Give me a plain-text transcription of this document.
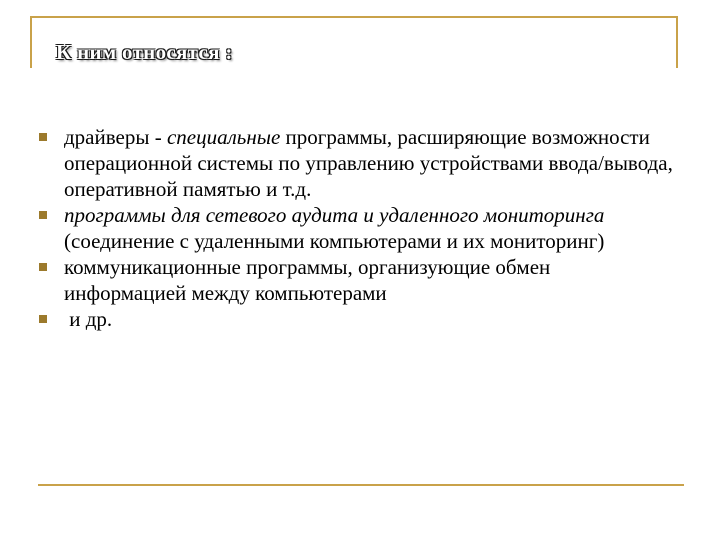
К ним относятся :
драйверы - специальные программы, расширяющие возможности операционной системы по управлению устройствами ввода/вывода, оперативной памятью и т.д.
программы для сетевого аудита и удаленного мониторинга (соединение с удаленными компьютерами и их мониторинг)
коммуникационные программы, организующие обмен информацией между компьютерами
и др.
